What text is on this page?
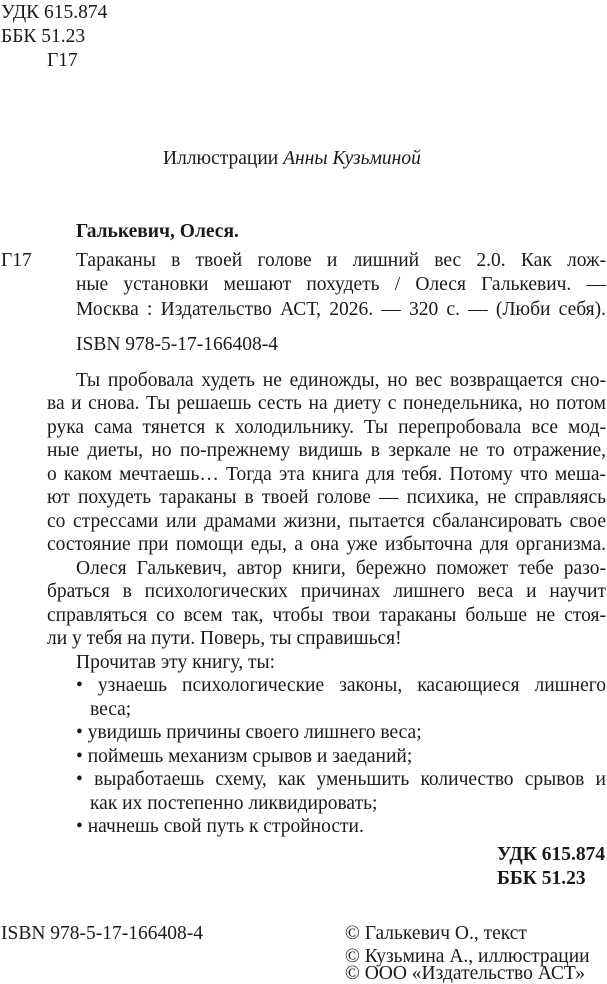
УДК 615.874
ББК 51.23
Г17
Иллюстрации Анны Кузьминой
Галькевич, Олеся.
Г17 Тараканы в твоей голове и лишний вес 2.0. Как лож-
ные установки мешают похудеть / Олеся Галькевич. —
Москва : Издательство АСТ, 2026. — 320 с. — (Люби себя).
ISBN 978-5-17-166408-4
Ты пробовала худеть не единожды, но вес возвращается сно-
ва и снова. Ты решаешь сесть на диету с понедельника, но потом
рука сама тянется к холодильнику. Ты перепробовала все мод-
ные диеты, но по-прежнему видишь в зеркале не то отражение,
о каком мечтаешь… Тогда эта книга для тебя. Потому что меша-
ют похудеть тараканы в твоей голове — психика, не справляясь
со стрессами или драмами жизни, пытается сбалансировать свое
состояние при помощи еды, а она уже избыточна для организма.
Олеся Галькевич, автор книги, бережно поможет тебе разо-
браться в психологических причинах лишнего веса и научит
справляться со всем так, чтобы твои тараканы больше не стоя-
ли у тебя на пути. Поверь, ты справишься!
Прочитав эту книгу, ты:
• узнаешь психологические законы, касающиеся лишнего
веса;
• увидишь причины своего лишнего веса;
• поймешь механизм срывов и заеданий;
• выработаешь схему, как уменьшить количество срывов и
как их постепенно ликвидировать;
• начнешь свой путь к стройности.
УДК 615.874
ББК 51.23
ISBN 978-5-17-166408-4	© Галькевич О., текст
© Кузьмина А., иллюстрации
© ООО «Издательство АСТ»
